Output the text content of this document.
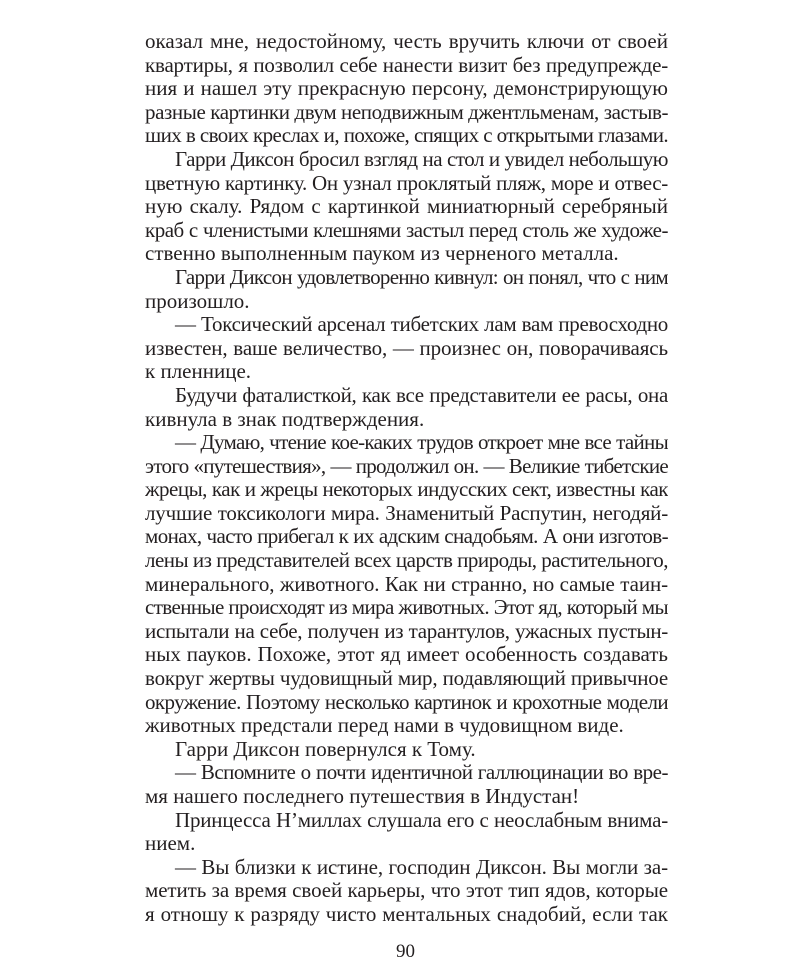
оказал мне, недостойному, честь вручить ключи от своей
квартиры, я позволил себе нанести визит без предупрежде-
ния и нашел эту прекрасную персону, демонстрирующую
разные картинки двум неподвижным джентльменам, застыв-
ших в своих креслах и, похоже, спящих с открытыми глазами.
Гарри Диксон бросил взгляд на стол и увидел небольшую
цветную картинку. Он узнал проклятый пляж, море и отвес-
ную скалу. Рядом с картинкой миниатюрный серебряный
краб с членистыми клешнями застыл перед столь же художе-
ственно выполненным пауком из черненого металла.
Гарри Диксон удовлетворенно кивнул: он понял, что с ним
произошло.
— Токсический арсенал тибетских лам вам превосходно
известен, ваше величество, — произнес он, поворачиваясь
к пленнице.
Будучи фаталисткой, как все представители ее расы, она
кивнула в знак подтверждения.
— Думаю, чтение кое-каких трудов откроет мне все тайны
этого «путешествия», — продолжил он. — Великие тибетские
жрецы, как и жрецы некоторых индусских сект, известны как
лучшие токсикологи мира. Знаменитый Распутин, негодяй-
монах, часто прибегал к их адским снадобьям. А они изготов-
лены из представителей всех царств природы, растительного,
минерального, животного. Как ни странно, но самые таин-
ственные происходят из мира животных. Этот яд, который мы
испытали на себе, получен из тарантулов, ужасных пустын-
ных пауков. Похоже, этот яд имеет особенность создавать
вокруг жертвы чудовищный мир, подавляющий привычное
окружение. Поэтому несколько картинок и крохотные модели
животных предстали перед нами в чудовищном виде.
Гарри Диксон повернулся к Тому.
— Вспомните о почти идентичной галлюцинации во вре-
мя нашего последнего путешествия в Индустан!
Принцесса Н’миллах слушала его с неослабным внима-
нием.
— Вы близки к истине, господин Диксон. Вы могли за-
метить за время своей карьеры, что этот тип ядов, которые
я отношу к разряду чисто ментальных снадобий, если так
90
